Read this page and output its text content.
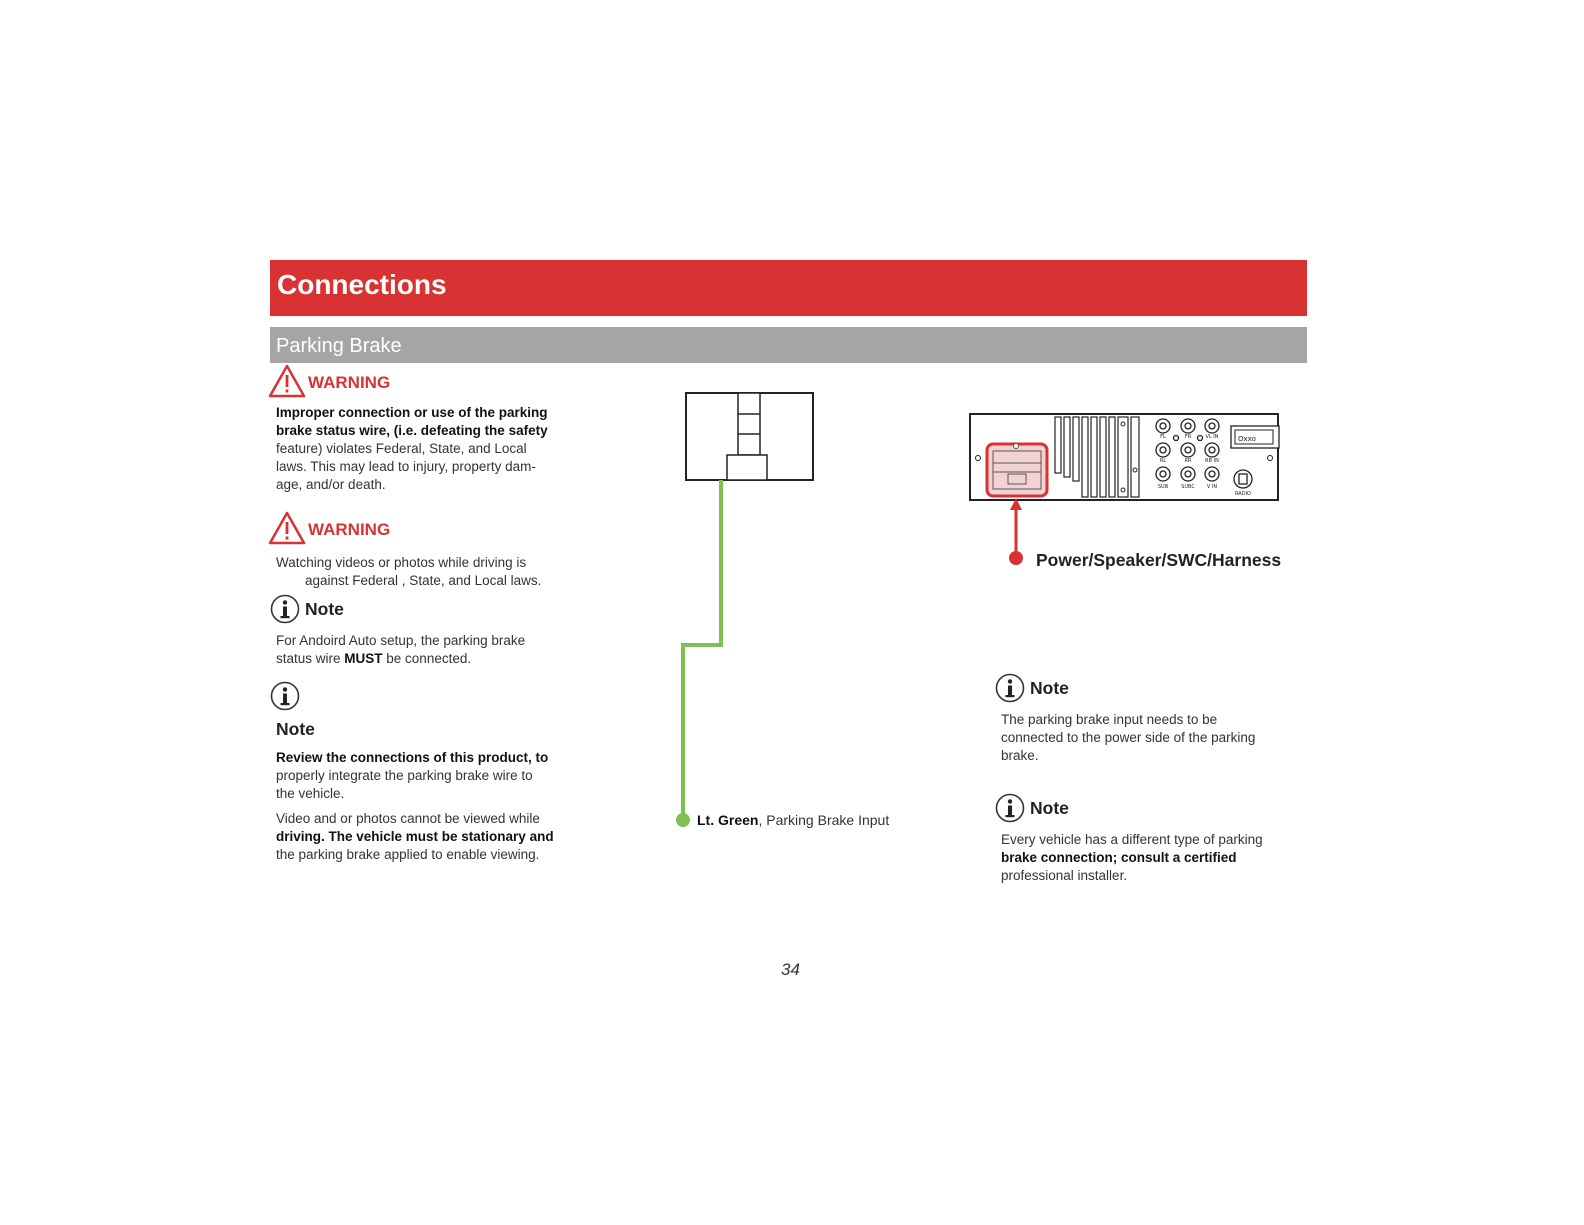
Connections
Parking Brake
WARNING
Improper connection or use of the parking
brake status wire, (i.e. defeating the safety
feature) violates Federal, State, and Local
laws. This may lead to injury, property dam-
age, and/or death.
WARNING
Watching videos or photos while driving is
against Federal , State, and Local laws.
Note
For Andoird Auto setup, the parking brake
status wire MUST be connected.
Note
Review the connections of this product, to
properly integrate the parking brake wire to
the vehicle.
Video and or photos cannot be viewed while
driving. The vehicle must be stationary and
the parking brake applied to enable viewing.
FL	FR	VL IN
RL	RR	RB IN
SUB	SUBC V IN
RADIO
Oxxo
Lt. Green, Parking Brake Input
Power/Speaker/SWC/Harness
Note
The parking brake input needs to be
connected to the power side of the parking
brake.
Note
Every vehicle has a different type of parking
brake connection; consult a certified
professional installer.
34
